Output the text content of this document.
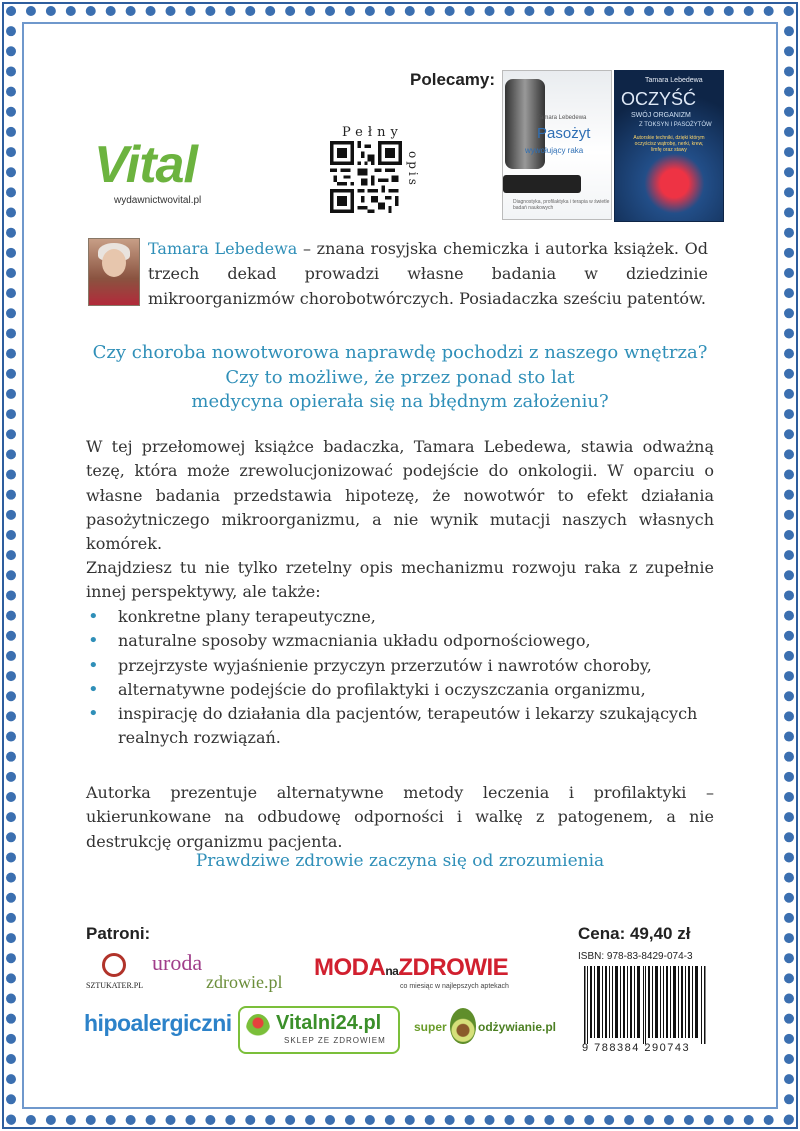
Vital
wydawnictwovital.pl
Pełny
opis
Polecamy:
Tamara Lebedewa
Pasożyt
wywołujący raka
Diagnostyka, profilaktyka i terapia w świetle badań naukowych
Tamara Lebedewa
OCZYŚĆ
SWÓJ ORGANIZM
Z TOKSYN I PASOŻYTÓW
Autorskie techniki, dzięki którym oczyścisz wątrobę, nerki, krew, limfę oraz stawy
Tamara Lebedewa – znana rosyjska chemiczka i autorka książek. Od trzech dekad prowadzi własne badania w dziedzinie mikroorganizmów chorobotwórczych. Posiadaczka sześciu patentów.
Czy choroba nowotworowa naprawdę pochodzi z naszego wnętrza?
Czy to możliwe, że przez ponad sto lat
medycyna opierała się na błędnym założeniu?
W tej przełomowej książce badaczka, Tamara Lebedewa, stawia odważną tezę, która może zrewolucjonizować podejście do onkologii. W oparciu o własne badania przedstawia hipotezę, że nowotwór to efekt działania pasożytniczego mikroorganizmu, a nie wynik mutacji naszych własnych komórek.
Znajdziesz tu nie tylko rzetelny opis mechanizmu rozwoju raka z zupełnie innej perspektywy, ale także:
• konkretne plany terapeutyczne,
• naturalne sposoby wzmacniania układu odpornościowego,
• przejrzyste wyjaśnienie przyczyn przerzutów i nawrotów choroby,
• alternatywne podejście do profilaktyki i oczyszczania organizmu,
• inspirację do działania dla pacjentów, terapeutów i lekarzy szukających realnych rozwiązań.
Autorka prezentuje alternatywne metody leczenia i profilaktyki – ukierunkowane na odbudowę odporności i walkę z patogenem, a nie destrukcję organizmu pacjenta.
Prawdziwe zdrowie zaczyna się od zrozumienia
Patroni:
SZTUKATER.PL
uroda
zdrowie.pl
MODAnaZDROWIE
co miesiąc w najlepszych aptekach
hipoalergiczni Vitalni24.pl
SKLEP ZE ZDROWIEM
super	odżywianie.pl
Cena: 49,40 zł
ISBN: 978-83-8429-074-3
9 788384 290743
